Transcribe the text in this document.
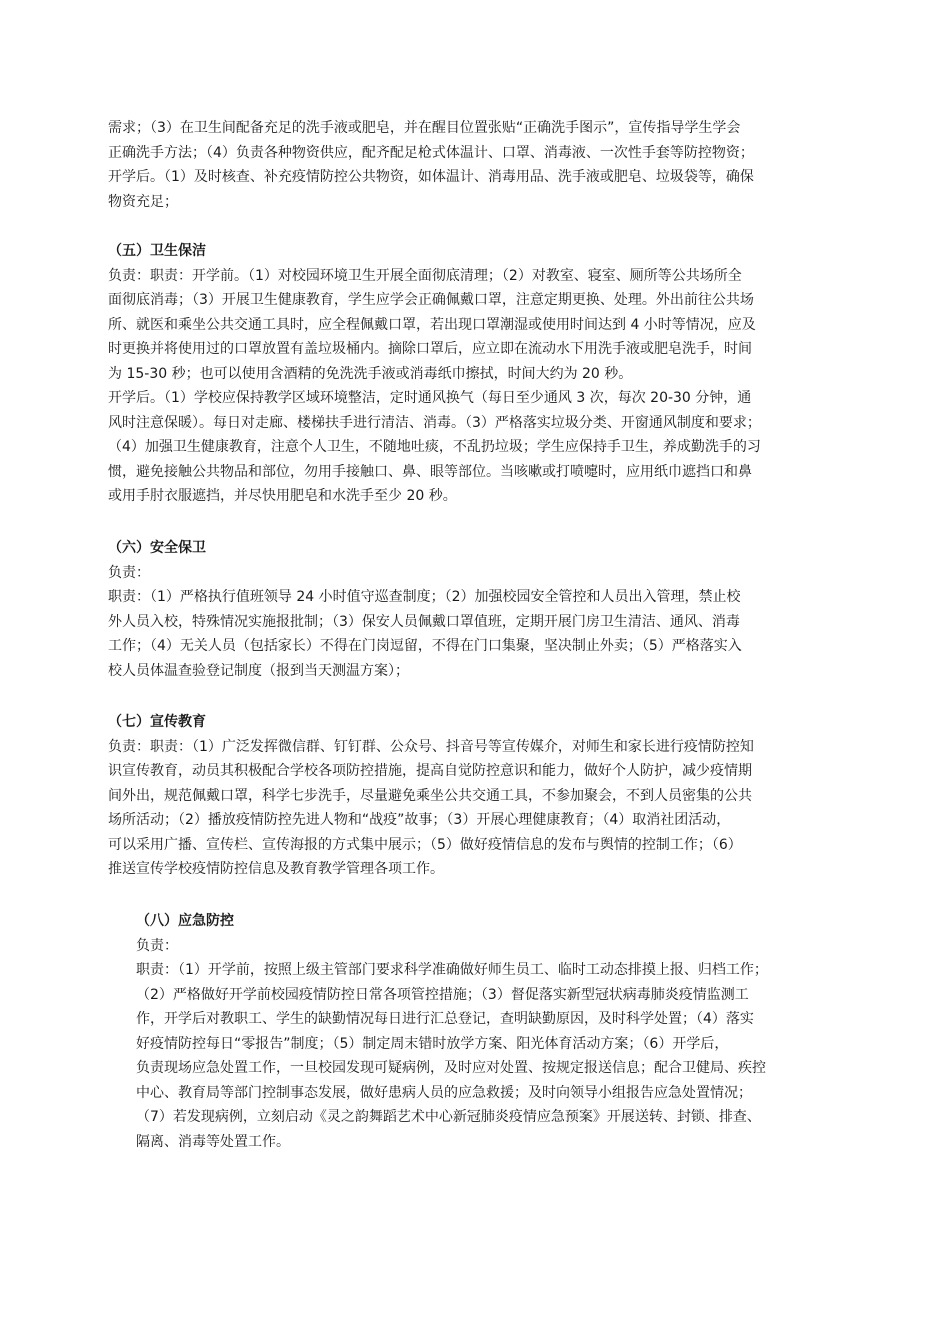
需求；（3）在卫生间配备充足的洗手液或肥皂，并在醒目位置张贴“正确洗手图示”，宣传指导学生学会
正确洗手方法；（4）负责各种物资供应，配齐配足枪式体温计、口罩、消毒液、一次性手套等防控物资；
开学后。（1）及时核查、补充疫情防控公共物资，如体温计、消毒用品、洗手液或肥皂、垃圾袋等，确保
物资充足；
（五）卫生保洁
负责：职责：开学前。（1）对校园环境卫生开展全面彻底清理；（2）对教室、寝室、厕所等公共场所全
面彻底消毒；（3）开展卫生健康教育，学生应学会正确佩戴口罩，注意定期更换、处理。外出前往公共场
所、就医和乘坐公共交通工具时，应全程佩戴口罩，若出现口罩潮湿或使用时间达到 4 小时等情况，应及
时更换并将使用过的口罩放置有盖垃圾桶内。摘除口罩后，应立即在流动水下用洗手液或肥皂洗手，时间
为 15-30 秒；也可以使用含酒精的免洗洗手液或消毒纸巾擦拭，时间大约为 20 秒。
开学后。（1）学校应保持教学区域环境整洁，定时通风换气（每日至少通风 3 次，每次 20-30 分钟，通
风时注意保暖）。每日对走廊、楼梯扶手进行清洁、消毒。（3）严格落实垃圾分类、开窗通风制度和要求；
（4）加强卫生健康教育，注意个人卫生，不随地吐痰，不乱扔垃圾；学生应保持手卫生，养成勤洗手的习
惯，避免接触公共物品和部位，勿用手接触口、鼻、眼等部位。当咳嗽或打喷嚏时，应用纸巾遮挡口和鼻
或用手肘衣服遮挡，并尽快用肥皂和水洗手至少 20 秒。
（六）安全保卫
负责：
职责：（1）严格执行值班领导 24 小时值守巡查制度；（2）加强校园安全管控和人员出入管理，禁止校
外人员入校，特殊情况实施报批制；（3）保安人员佩戴口罩值班，定期开展门房卫生清洁、通风、消毒
工作；（4）无关人员（包括家长）不得在门岗逗留，不得在门口集聚，坚决制止外卖；（5）严格落实入
校人员体温查验登记制度（报到当天测温方案）；
（七）宣传教育
负责：职责：（1）广泛发挥微信群、钉钉群、公众号、抖音号等宣传媒介，对师生和家长进行疫情防控知
识宣传教育，动员其积极配合学校各项防控措施，提高自觉防控意识和能力，做好个人防护，减少疫情期
间外出，规范佩戴口罩，科学七步洗手，尽量避免乘坐公共交通工具，不参加聚会，不到人员密集的公共
场所活动；（2）播放疫情防控先进人物和“战疫”故事；（3）开展心理健康教育；（4）取消社团活动，
可以采用广播、宣传栏、宣传海报的方式集中展示；（5）做好疫情信息的发布与舆情的控制工作；（6）
推送宣传学校疫情防控信息及教育教学管理各项工作。
（八）应急防控
负责：
职责：（1）开学前，按照上级主管部门要求科学准确做好师生员工、临时工动态排摸上报、归档工作；
（2）严格做好开学前校园疫情防控日常各项管控措施；（3）督促落实新型冠状病毒肺炎疫情监测工
作，开学后对教职工、学生的缺勤情况每日进行汇总登记，查明缺勤原因，及时科学处置；（4）落实
好疫情防控每日“零报告”制度；（5）制定周末错时放学方案、阳光体育活动方案；（6）开学后，
负责现场应急处置工作，一旦校园发现可疑病例，及时应对处置、按规定报送信息；配合卫健局、疾控
中心、教育局等部门控制事态发展，做好患病人员的应急救援；及时向领导小组报告应急处置情况；
（7）若发现病例，立刻启动《灵之韵舞蹈艺术中心新冠肺炎疫情应急预案》开展送转、封锁、排查、
隔离、消毒等处置工作。
